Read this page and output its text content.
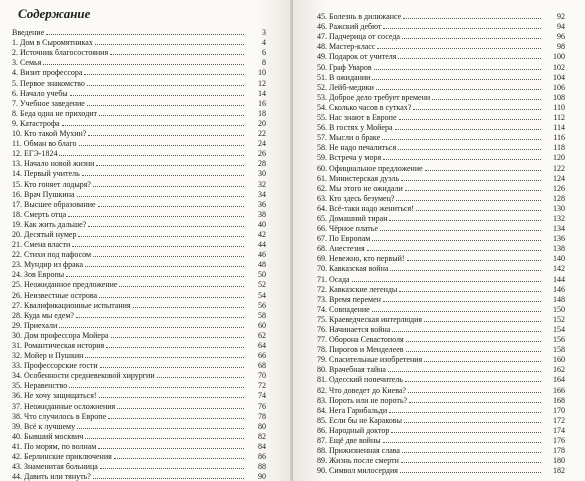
Содержание
Введение	3
1. Дом в Сыромятниках	4
2. Источник благосостояния	6
3. Семья	8
4. Визит профессора	10
5. Первое знакомство	12
6. Начало учебы	14
7. Учебное заведение	16
8. Беда одна не приходит	18
9. Катастрофа	20
10. Кто такой Мухин?	22
11. Обман во благо	24
12. ЕГЭ-1824	26
13. Начало новой жизни	28
14. Первый учитель	30
15. Кто гоняет лодыря?	32
16. Врач Пушкина	34
17. Высшее образование	36
18. Смерть отца	38
19. Как жить дальше?	40
20. Десятый нумер	42
21. Смена власти	44
22. Стихи под пафосом	46
23. Мундир из фрака	48
24. Зов Европы	50
25. Неожиданное предложение	52
26. Неизвестные острова	54
27. Квалификационные испытания	56
28. Куда мы едем?	58
29. Приехали	60
30. Дом профессора Мойера	62
31. Романтическая история	64
32. Мойер и Пушкин	66
33. Профессорские гости	68
34. Особенности средневековой хирургии	70
35. Неравенство	72
36. Не хочу защищаться!	74
37. Неожиданные осложнения	76
38. Что случилось в Европе	78
39. Всё к лучшему	80
40. Бывший москвич	82
41. По морям, по волнам	84
42. Берлинские приключения	86
43. Знаменитая больница	88
44. Давить или тянуть?	90
45. Болезнь в дилижансе	92
46. Ражский дебют	94
47. Падчерица от соседа	96
48. Мастер-класс	98
49. Подарок от учителя	100
50. Граф Уваров	102
51. В ожидании	104
52. Лейб-медики	106
53. Доброе дело требует времени	108
54. Сколько часов в сутках?	110
55. Нас знают в Европе	112
56. В гостях у Мойера	114
57. Мысли о браке	116
58. Не надо печалиться	118
59. Встреча у моря	120
60. Официальное предложение	122
61. Министерская дуэль	124
62. Мы этого не ожидали	126
63. Кто здесь безумец?	128
64. Всё-таки надо жениться!	130
65. Домашний тиран	132
66. Чёрное платье	134
67. По Европам	136
68. Анестезия	138
69. Невежно, кто первый!	140
70. Кавказская война	142
71. Осада	144
72. Кавказские легенды	146
73. Время перемен	148
74. Совпадение	150
75. Краеведческая интерлюдия	152
76. Начинается война	154
77. Оборона Севастополя	156
78. Пирогов и Менделеев	158
79. Спасительные изобретения	160
80. Врачебная тайна	162
81. Одесский попечитель	164
82. Что доведет до Киева?	166
83. Пороть или не пороть?	168
84. Нега Гарибальди	170
85. Если бы не Караковы	172
86. Народный доктор	174
87. Ещё две войны	176
88. Прижизненная слава	178
89. Жизнь после смерти	180
90. Символ милосердия	182
